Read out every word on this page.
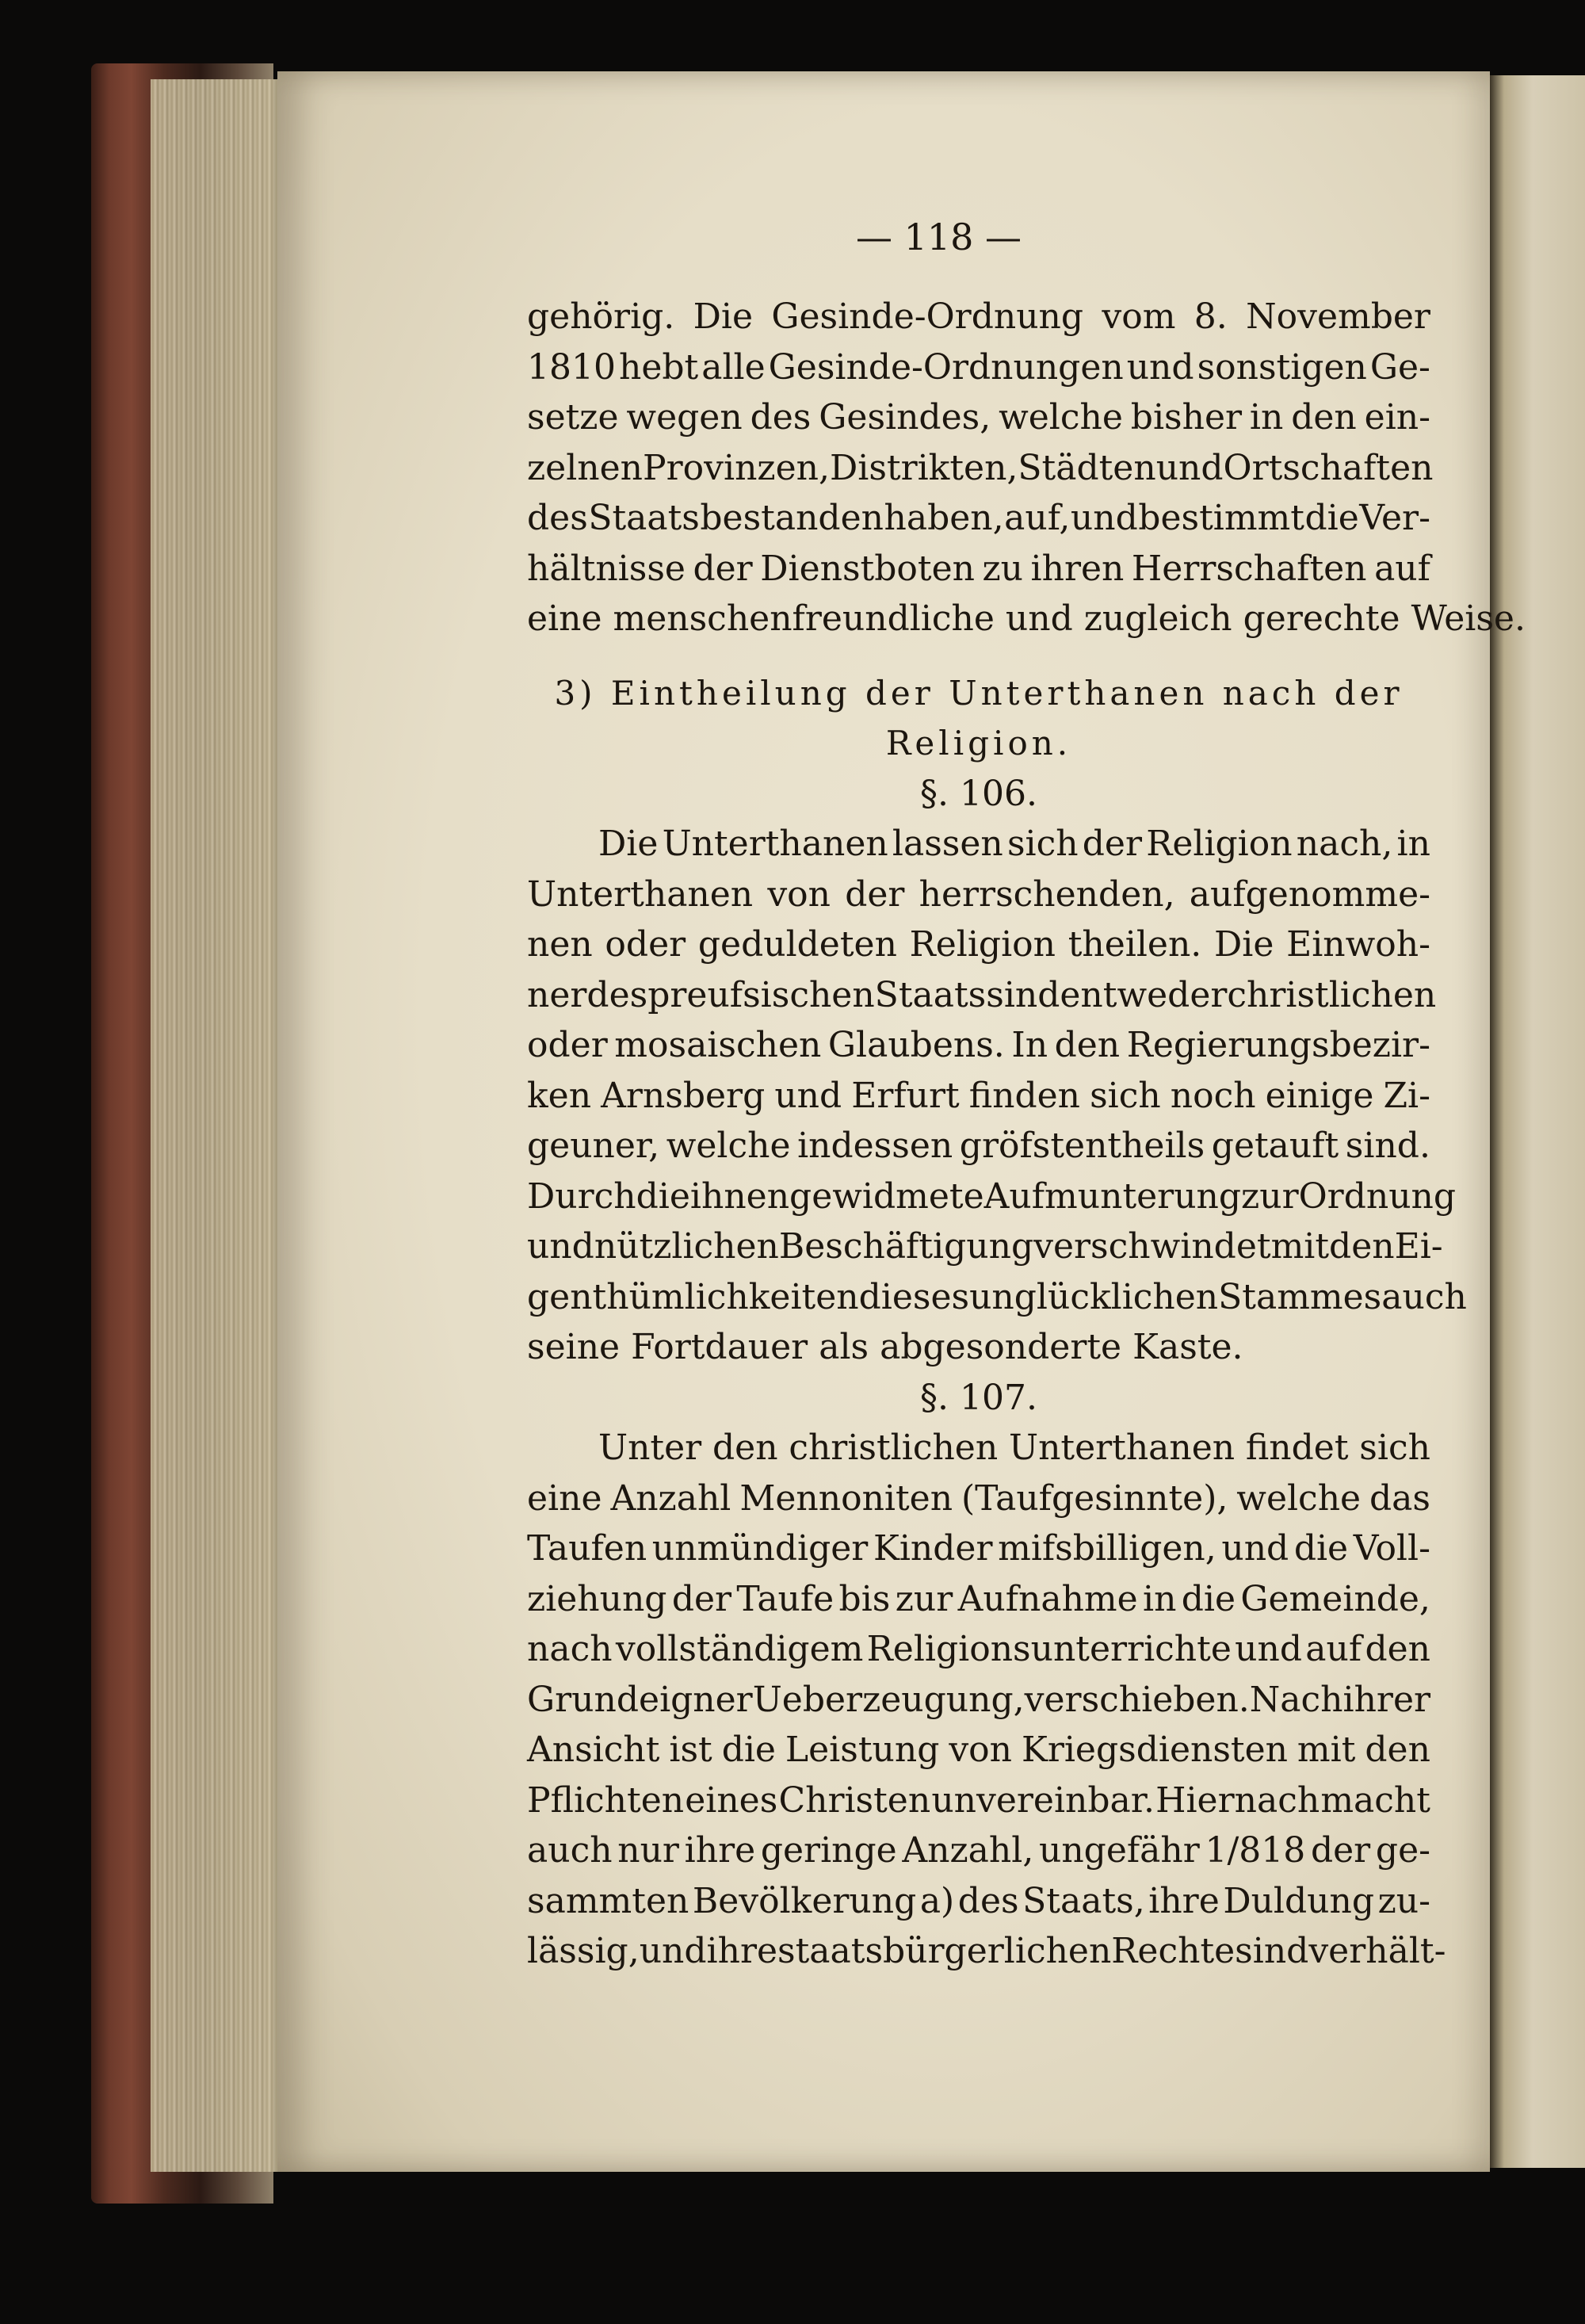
— 118 —
gehörig. Die Gesinde-Ordnung vom 8. November
1810 hebt alle Gesinde-Ordnungen und sonstigen Ge-
setze wegen des Gesindes, welche bisher in den ein-
zelnen Provinzen, Distrikten, Städten und Ortschaften
des Staats bestanden haben, auf, und bestimmt die Ver-
hältnisse der Dienstboten zu ihren Herrschaften auf
eine menschenfreundliche und zugleich gerechte Weise.
3) Eintheilung der Unterthanen nach der
Religion.
§. 106.
Die Unterthanen lassen sich der Religion nach, in
Unterthanen von der herrschenden, aufgenomme-
nen oder geduldeten Religion theilen. Die Einwoh-
ner des preufsischen Staats sind entweder christlichen
oder mosaischen Glaubens. In den Regierungsbezir-
ken Arnsberg und Erfurt finden sich noch einige Zi-
geuner, welche indessen gröfstentheils getauft sind.
Durch die ihnen gewidmete Aufmunterung zur Ordnung
und nützlichen Beschäftigung verschwindet mit den Ei-
genthümlichkeiten dieses unglücklichen Stammes auch
seine Fortdauer als abgesonderte Kaste.
§. 107.
Unter den christlichen Unterthanen findet sich
eine Anzahl Mennoniten (Taufgesinnte), welche das
Taufen unmündiger Kinder mifsbilligen, und die Voll-
ziehung der Taufe bis zur Aufnahme in die Gemeinde,
nach vollständigem Religionsunterrichte und auf den
Grund eigner Ueberzeugung, verschieben. Nach ihrer
Ansicht ist die Leistung von Kriegsdiensten mit den
Pflichten eines Christen unvereinbar. Hiernach macht
auch nur ihre geringe Anzahl, ungefähr 1/818 der ge-
sammten Bevölkerung a) des Staats, ihre Duldung zu-
lässig, und ihre staatsbürgerlichen Rechte sind verhält-
